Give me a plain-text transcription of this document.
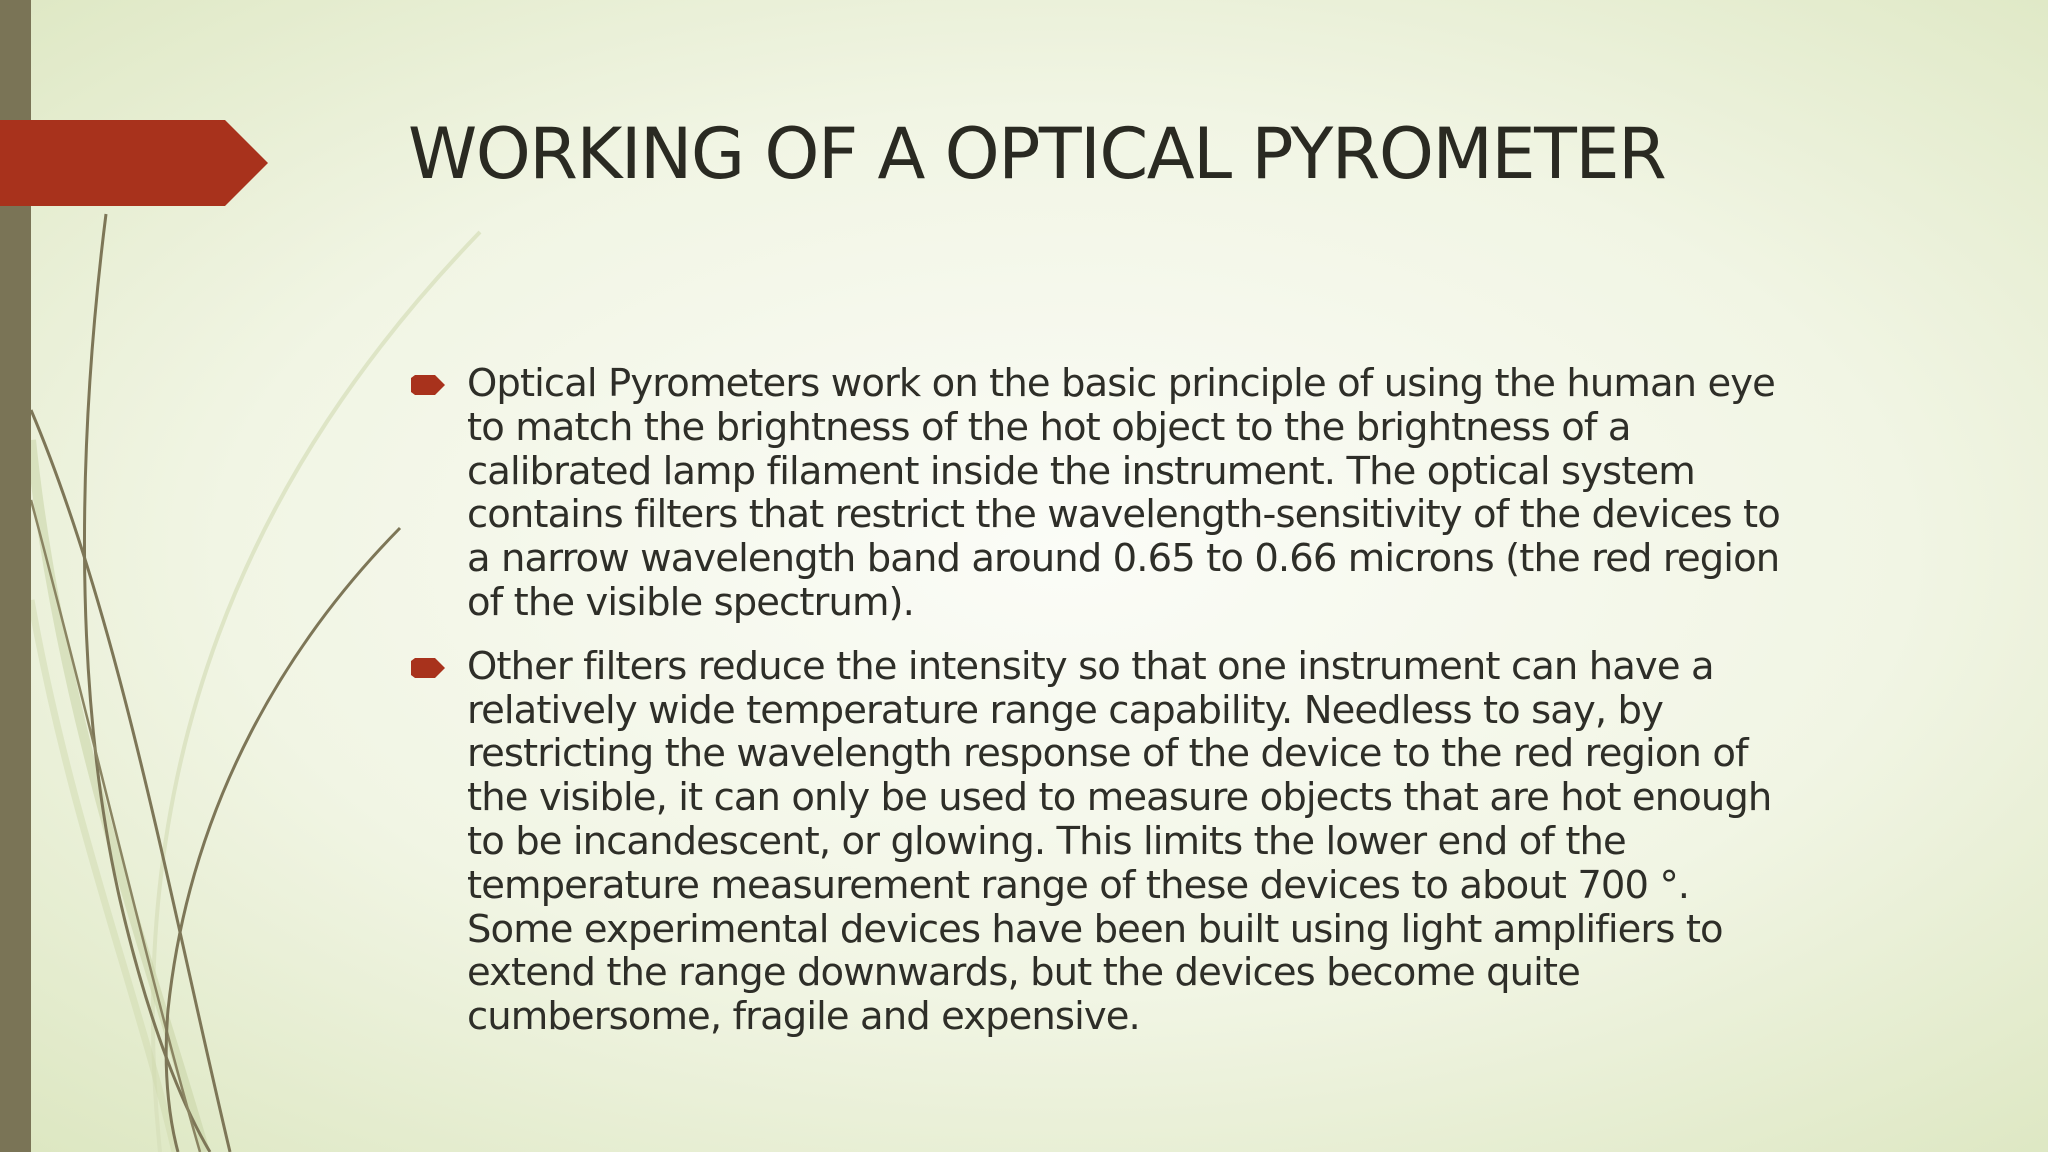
WORKING OF A OPTICAL PYROMETER
Optical Pyrometers work on the basic principle of using the human eye
to match the brightness of the hot object to the brightness of a
calibrated lamp filament inside the instrument. The optical system
contains filters that restrict the wavelength-sensitivity of the devices to
a narrow wavelength band around 0.65 to 0.66 microns (the red region
of the visible spectrum).
Other filters reduce the intensity so that one instrument can have a
relatively wide temperature range capability. Needless to say, by
restricting the wavelength response of the device to the red region of
the visible, it can only be used to measure objects that are hot enough
to be incandescent, or glowing. This limits the lower end of the
temperature measurement range of these devices to about 700 °.
Some experimental devices have been built using light amplifiers to
extend the range downwards, but the devices become quite
cumbersome, fragile and expensive.
